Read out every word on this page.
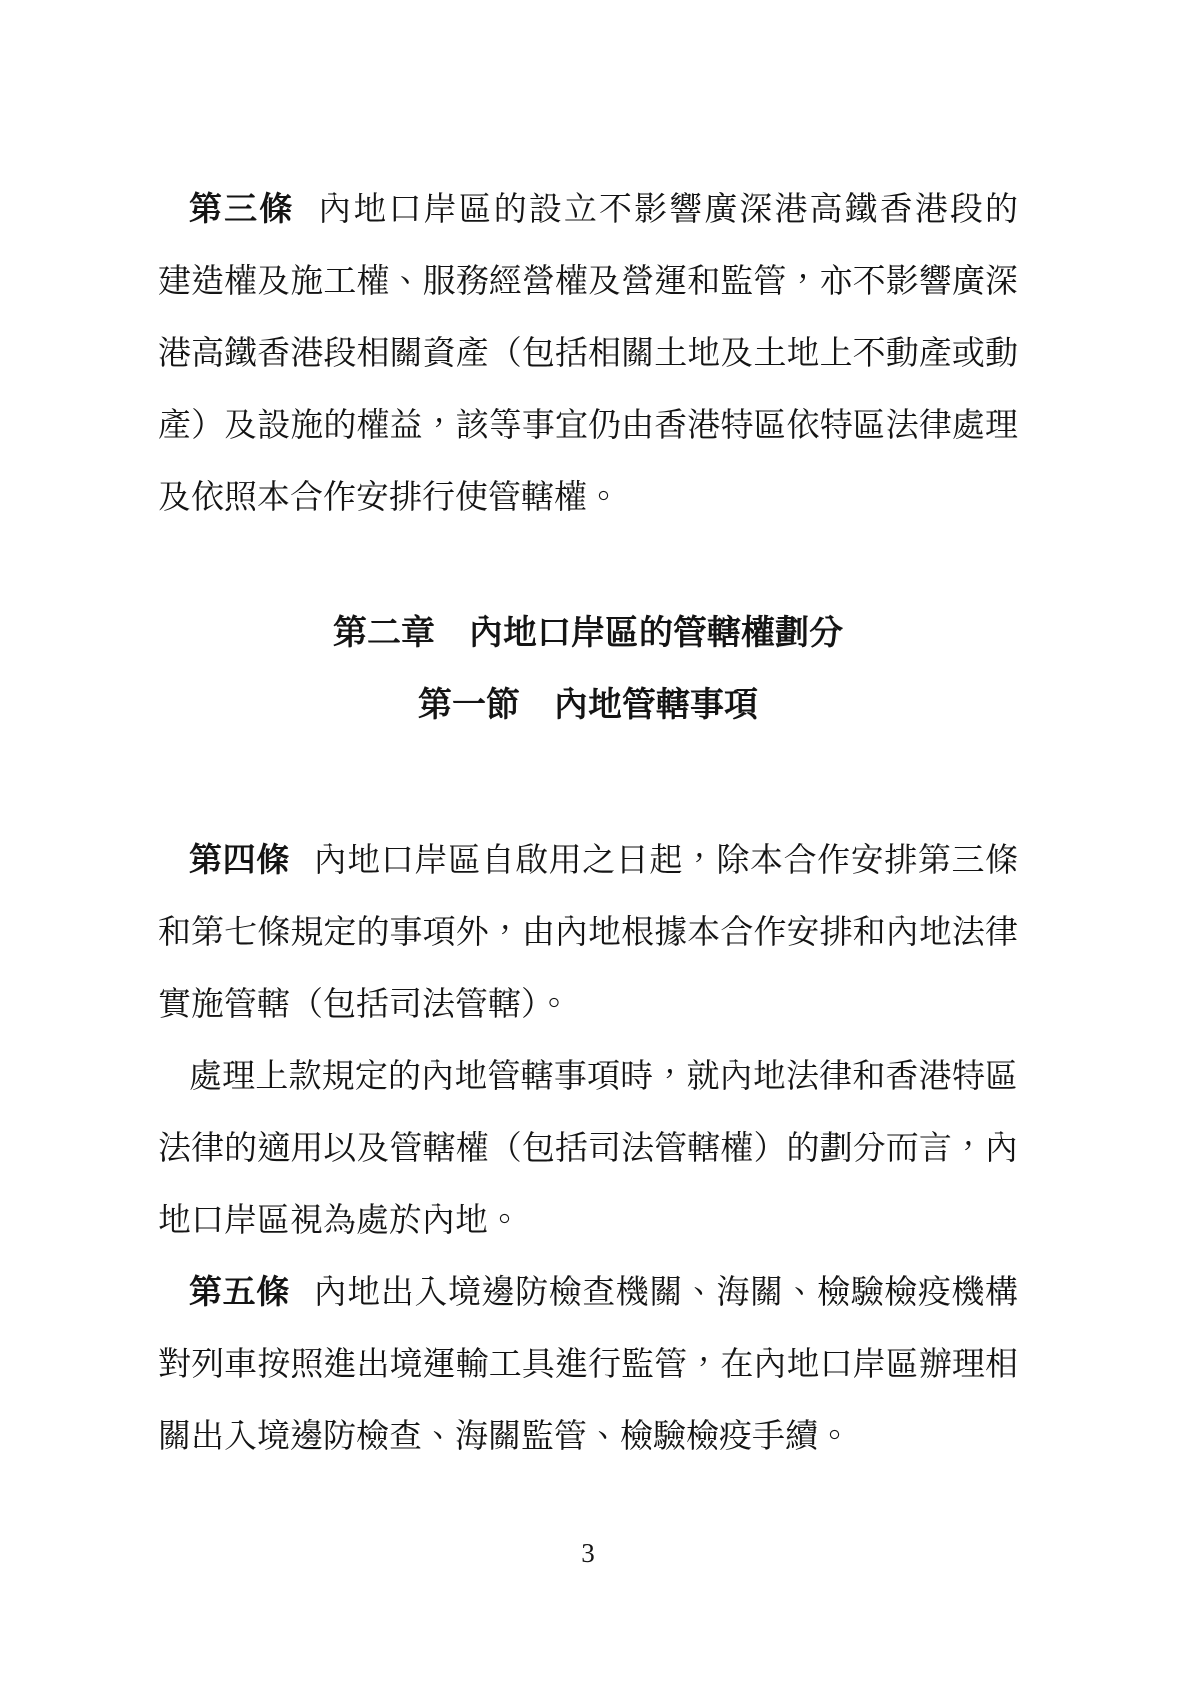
第三條 內地口岸區的設立不影響廣深港高鐵香港段的
建造權及施工權、服務經營權及營運和監管，亦不影響廣深
港高鐵香港段相關資產（包括相關土地及土地上不動產或動
產）及設施的權益，該等事宜仍由香港特區依特區法律處理
及依照本合作安排行使管轄權。
第二章 內地口岸區的管轄權劃分
第一節 內地管轄事項
第四條 內地口岸區自啟用之日起，除本合作安排第三條
和第七條規定的事項外，由內地根據本合作安排和內地法律
實施管轄（包括司法管轄）。
處理上款規定的內地管轄事項時，就內地法律和香港特區
法律的適用以及管轄權（包括司法管轄權）的劃分而言，內
地口岸區視為處於內地。
第五條 內地出入境邊防檢查機關、海關、檢驗檢疫機構
對列車按照進出境運輸工具進行監管，在內地口岸區辦理相
關出入境邊防檢查、海關監管、檢驗檢疫手續。
3
